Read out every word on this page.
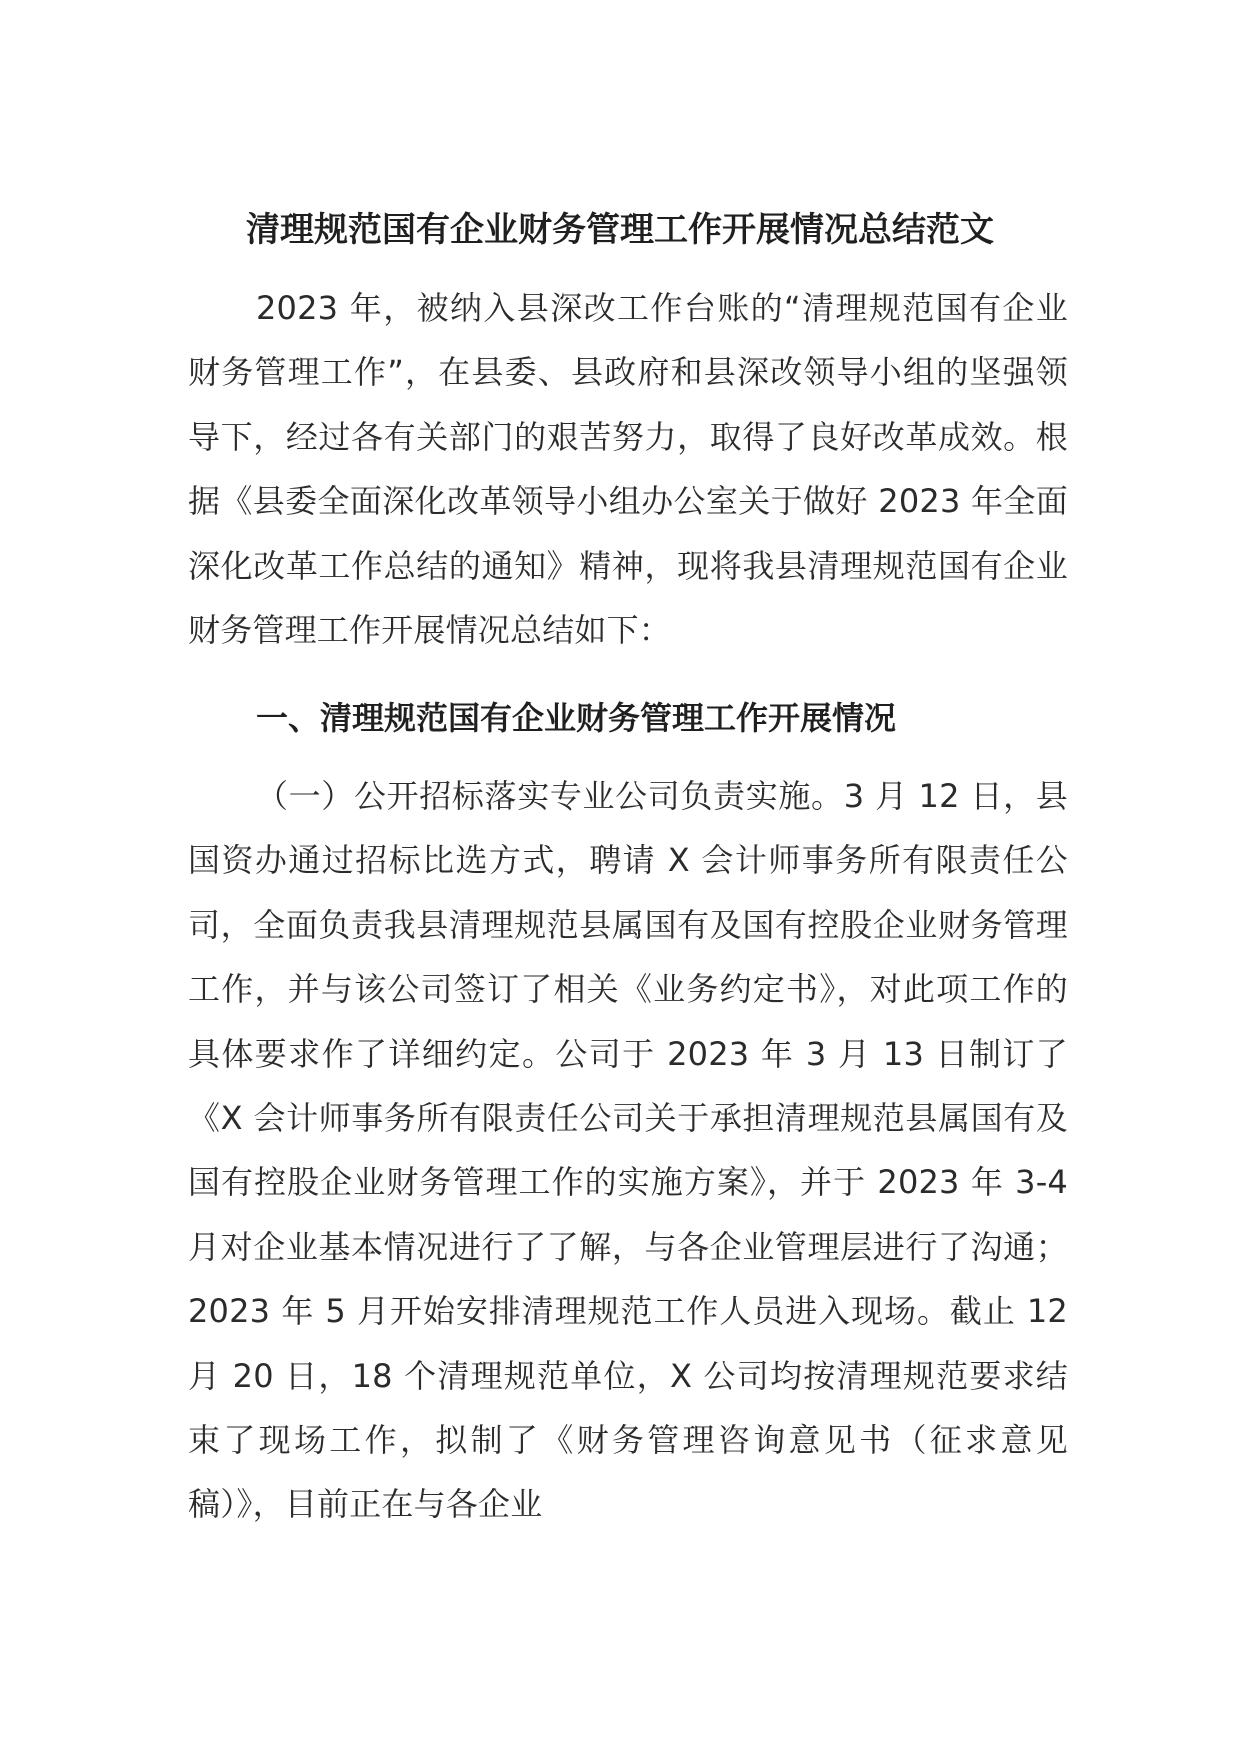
清理规范国有企业财务管理工作开展情况总结范文

2023 年，被纳入县深改工作台账的“清理规范国有企业财务管理工作”，在县委、县政府和县深改领导小组的坚强领导下，经过各有关部门的艰苦努力，取得了良好改革成效。根据《县委全面深化改革领导小组办公室关于做好 2023 年全面深化改革工作总结的通知》精神，现将我县清理规范国有企业财务管理工作开展情况总结如下：

一、清理规范国有企业财务管理工作开展情况

（一）公开招标落实专业公司负责实施。3 月 12 日，县国资办通过招标比选方式，聘请 X 会计师事务所有限责任公司，全面负责我县清理规范县属国有及国有控股企业财务管理工作，并与该公司签订了相关《业务约定书》，对此项工作的具体要求作了详细约定。公司于 2023 年 3 月 13 日制订了《X 会计师事务所有限责任公司关于承担清理规范县属国有及国有控股企业财务管理工作的实施方案》，并于 2023 年 3-4 月对企业基本情况进行了了解，与各企业管理层进行了沟通；2023 年 5 月开始安排清理规范工作人员进入现场。截止 12 月 20 日，18 个清理规范单位，X 公司均按清理规范要求结束了现场工作，拟制了《财务管理咨询意见书（征求意见稿）》，目前正在与各企业
